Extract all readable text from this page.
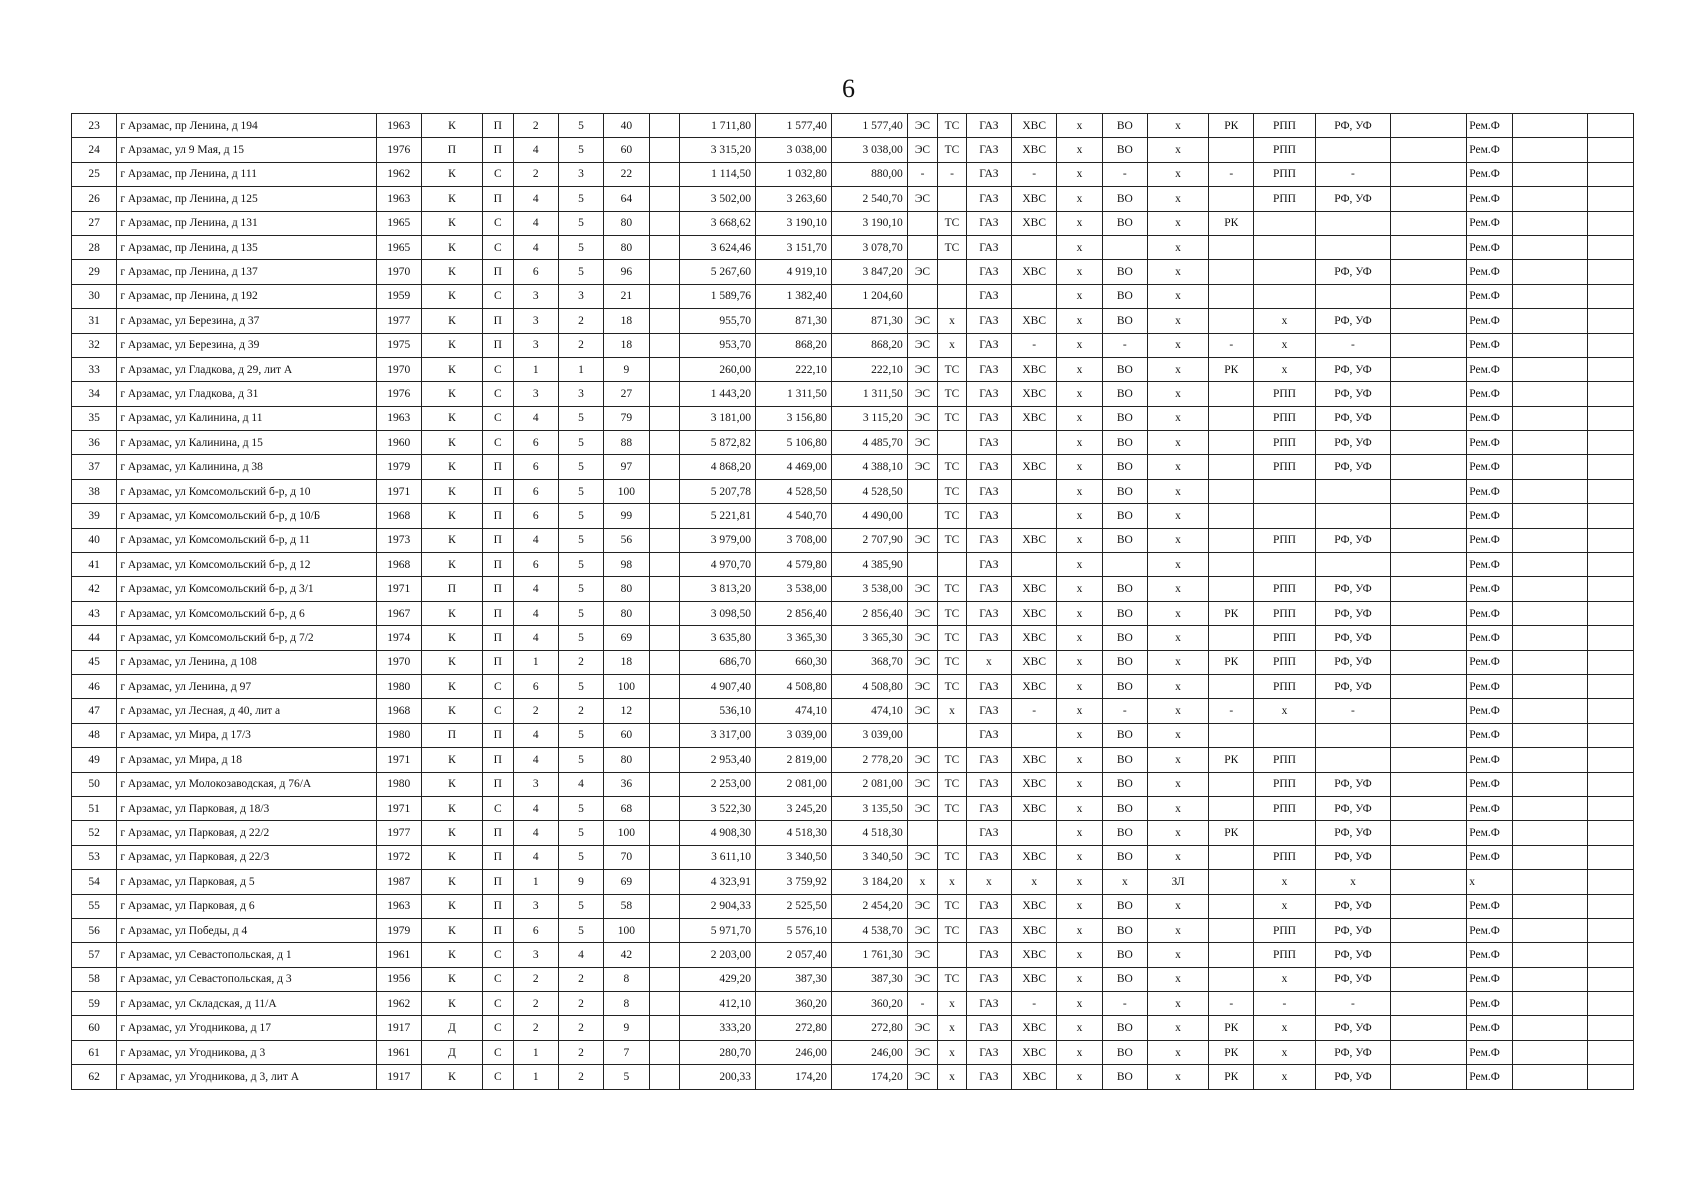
6
23	г Арзамас, пр Ленина, д 194	1963	К	П	2	5	40		1 711,80	1 577,40	1 577,40	ЭС	ТС	ГАЗ	ХВС	х	ВО	х	РК	РПП	РФ, УФ		Рем.Ф		
24	г Арзамас, ул 9 Мая, д 15	1976	П	П	4	5	60		3 315,20	3 038,00	3 038,00	ЭС	ТС	ГАЗ	ХВС	х	ВО	х		РПП			Рем.Ф		
25	г Арзамас, пр Ленина, д 111	1962	К	С	2	3	22		1 114,50	1 032,80	880,00	-	-	ГАЗ	-	х	-	х	-	РПП	-		Рем.Ф		
26	г Арзамас, пр Ленина, д 125	1963	К	П	4	5	64		3 502,00	3 263,60	2 540,70	ЭС		ГАЗ	ХВС	х	ВО	х		РПП	РФ, УФ		Рем.Ф		
27	г Арзамас, пр Ленина, д 131	1965	К	С	4	5	80		3 668,62	3 190,10	3 190,10		ТС	ГАЗ	ХВС	х	ВО	х	РК				Рем.Ф		
28	г Арзамас, пр Ленина, д 135	1965	К	С	4	5	80		3 624,46	3 151,70	3 078,70		ТС	ГАЗ		х		х					Рем.Ф		
29	г Арзамас, пр Ленина, д 137	1970	К	П	6	5	96		5 267,60	4 919,10	3 847,20	ЭС		ГАЗ	ХВС	х	ВО	х			РФ, УФ		Рем.Ф		
30	г Арзамас, пр Ленина, д 192	1959	К	С	3	3	21		1 589,76	1 382,40	1 204,60			ГАЗ		х	ВО	х					Рем.Ф		
31	г Арзамас, ул Березина, д 37	1977	К	П	3	2	18		955,70	871,30	871,30	ЭС	х	ГАЗ	ХВС	х	ВО	х		х	РФ, УФ		Рем.Ф		
32	г Арзамас, ул Березина, д 39	1975	К	П	3	2	18		953,70	868,20	868,20	ЭС	х	ГАЗ	-	х	-	х	-	х	-		Рем.Ф		
33	г Арзамас, ул Гладкова, д 29, лит А	1970	К	С	1	1	9		260,00	222,10	222,10	ЭС	ТС	ГАЗ	ХВС	х	ВО	х	РК	х	РФ, УФ		Рем.Ф		
34	г Арзамас, ул Гладкова, д 31	1976	К	С	3	3	27		1 443,20	1 311,50	1 311,50	ЭС	ТС	ГАЗ	ХВС	х	ВО	х		РПП	РФ, УФ		Рем.Ф		
35	г Арзамас, ул Калинина, д 11	1963	К	С	4	5	79		3 181,00	3 156,80	3 115,20	ЭС	ТС	ГАЗ	ХВС	х	ВО	х		РПП	РФ, УФ		Рем.Ф		
36	г Арзамас, ул Калинина, д 15	1960	К	С	6	5	88		5 872,82	5 106,80	4 485,70	ЭС		ГАЗ		х	ВО	х		РПП	РФ, УФ		Рем.Ф		
37	г Арзамас, ул Калинина, д 38	1979	К	П	6	5	97		4 868,20	4 469,00	4 388,10	ЭС	ТС	ГАЗ	ХВС	х	ВО	х		РПП	РФ, УФ		Рем.Ф		
38	г Арзамас, ул Комсомольский б-р, д 10	1971	К	П	6	5	100		5 207,78	4 528,50	4 528,50		ТС	ГАЗ		х	ВО	х					Рем.Ф		
39	г Арзамас, ул Комсомольский б-р, д 10/Б	1968	К	П	6	5	99		5 221,81	4 540,70	4 490,00		ТС	ГАЗ		х	ВО	х					Рем.Ф		
40	г Арзамас, ул Комсомольский б-р, д 11	1973	К	П	4	5	56		3 979,00	3 708,00	2 707,90	ЭС	ТС	ГАЗ	ХВС	х	ВО	х		РПП	РФ, УФ		Рем.Ф		
41	г Арзамас, ул Комсомольский б-р, д 12	1968	К	П	6	5	98		4 970,70	4 579,80	4 385,90			ГАЗ		х		х					Рем.Ф		
42	г Арзамас, ул Комсомольский б-р, д 3/1	1971	П	П	4	5	80		3 813,20	3 538,00	3 538,00	ЭС	ТС	ГАЗ	ХВС	х	ВО	х		РПП	РФ, УФ		Рем.Ф		
43	г Арзамас, ул Комсомольский б-р, д 6	1967	К	П	4	5	80		3 098,50	2 856,40	2 856,40	ЭС	ТС	ГАЗ	ХВС	х	ВО	х	РК	РПП	РФ, УФ		Рем.Ф		
44	г Арзамас, ул Комсомольский б-р, д 7/2	1974	К	П	4	5	69		3 635,80	3 365,30	3 365,30	ЭС	ТС	ГАЗ	ХВС	х	ВО	х		РПП	РФ, УФ		Рем.Ф		
45	г Арзамас, ул Ленина, д 108	1970	К	П	1	2	18		686,70	660,30	368,70	ЭС	ТС	х	ХВС	х	ВО	х	РК	РПП	РФ, УФ		Рем.Ф		
46	г Арзамас, ул Ленина, д 97	1980	К	С	6	5	100		4 907,40	4 508,80	4 508,80	ЭС	ТС	ГАЗ	ХВС	х	ВО	х		РПП	РФ, УФ		Рем.Ф		
47	г Арзамас, ул Лесная, д 40, лит а	1968	К	С	2	2	12		536,10	474,10	474,10	ЭС	х	ГАЗ	-	х	-	х	-	х	-		Рем.Ф		
48	г Арзамас, ул Мира, д 17/3	1980	П	П	4	5	60		3 317,00	3 039,00	3 039,00			ГАЗ		х	ВО	х					Рем.Ф		
49	г Арзамас, ул Мира, д 18	1971	К	П	4	5	80		2 953,40	2 819,00	2 778,20	ЭС	ТС	ГАЗ	ХВС	х	ВО	х	РК	РПП			Рем.Ф		
50	г Арзамас, ул Молокозаводская, д 76/А	1980	К	П	3	4	36		2 253,00	2 081,00	2 081,00	ЭС	ТС	ГАЗ	ХВС	х	ВО	х		РПП	РФ, УФ		Рем.Ф		
51	г Арзамас, ул Парковая, д 18/3	1971	К	С	4	5	68		3 522,30	3 245,20	3 135,50	ЭС	ТС	ГАЗ	ХВС	х	ВО	х		РПП	РФ, УФ		Рем.Ф		
52	г Арзамас, ул Парковая, д 22/2	1977	К	П	4	5	100		4 908,30	4 518,30	4 518,30			ГАЗ		х	ВО	х	РК		РФ, УФ		Рем.Ф		
53	г Арзамас, ул Парковая, д 22/3	1972	К	П	4	5	70		3 611,10	3 340,50	3 340,50	ЭС	ТС	ГАЗ	ХВС	х	ВО	х		РПП	РФ, УФ		Рем.Ф		
54	г Арзамас, ул Парковая, д 5	1987	К	П	1	9	69		4 323,91	3 759,92	3 184,20	х	х	х	х	х	х	ЗЛ		х	х		х		
55	г Арзамас, ул Парковая, д 6	1963	К	П	3	5	58		2 904,33	2 525,50	2 454,20	ЭС	ТС	ГАЗ	ХВС	х	ВО	х		х	РФ, УФ		Рем.Ф		
56	г Арзамас, ул Победы, д 4	1979	К	П	6	5	100		5 971,70	5 576,10	4 538,70	ЭС	ТС	ГАЗ	ХВС	х	ВО	х		РПП	РФ, УФ		Рем.Ф		
57	г Арзамас, ул Севастопольская, д 1	1961	К	С	3	4	42		2 203,00	2 057,40	1 761,30	ЭС		ГАЗ	ХВС	х	ВО	х		РПП	РФ, УФ		Рем.Ф		
58	г Арзамас, ул Севастопольская, д 3	1956	К	С	2	2	8		429,20	387,30	387,30	ЭС	ТС	ГАЗ	ХВС	х	ВО	х		х	РФ, УФ		Рем.Ф		
59	г Арзамас, ул Складская, д 11/А	1962	К	С	2	2	8		412,10	360,20	360,20	-	х	ГАЗ	-	х	-	х	-	-	-		Рем.Ф		
60	г Арзамас, ул Угодникова, д 17	1917	Д	С	2	2	9		333,20	272,80	272,80	ЭС	х	ГАЗ	ХВС	х	ВО	х	РК	х	РФ, УФ		Рем.Ф		
61	г Арзамас, ул Угодникова, д 3	1961	Д	С	1	2	7		280,70	246,00	246,00	ЭС	х	ГАЗ	ХВС	х	ВО	х	РК	х	РФ, УФ		Рем.Ф		
62	г Арзамас, ул Угодникова, д 3, лит А	1917	К	С	1	2	5		200,33	174,20	174,20	ЭС	х	ГАЗ	ХВС	х	ВО	х	РК	х	РФ, УФ		Рем.Ф		
